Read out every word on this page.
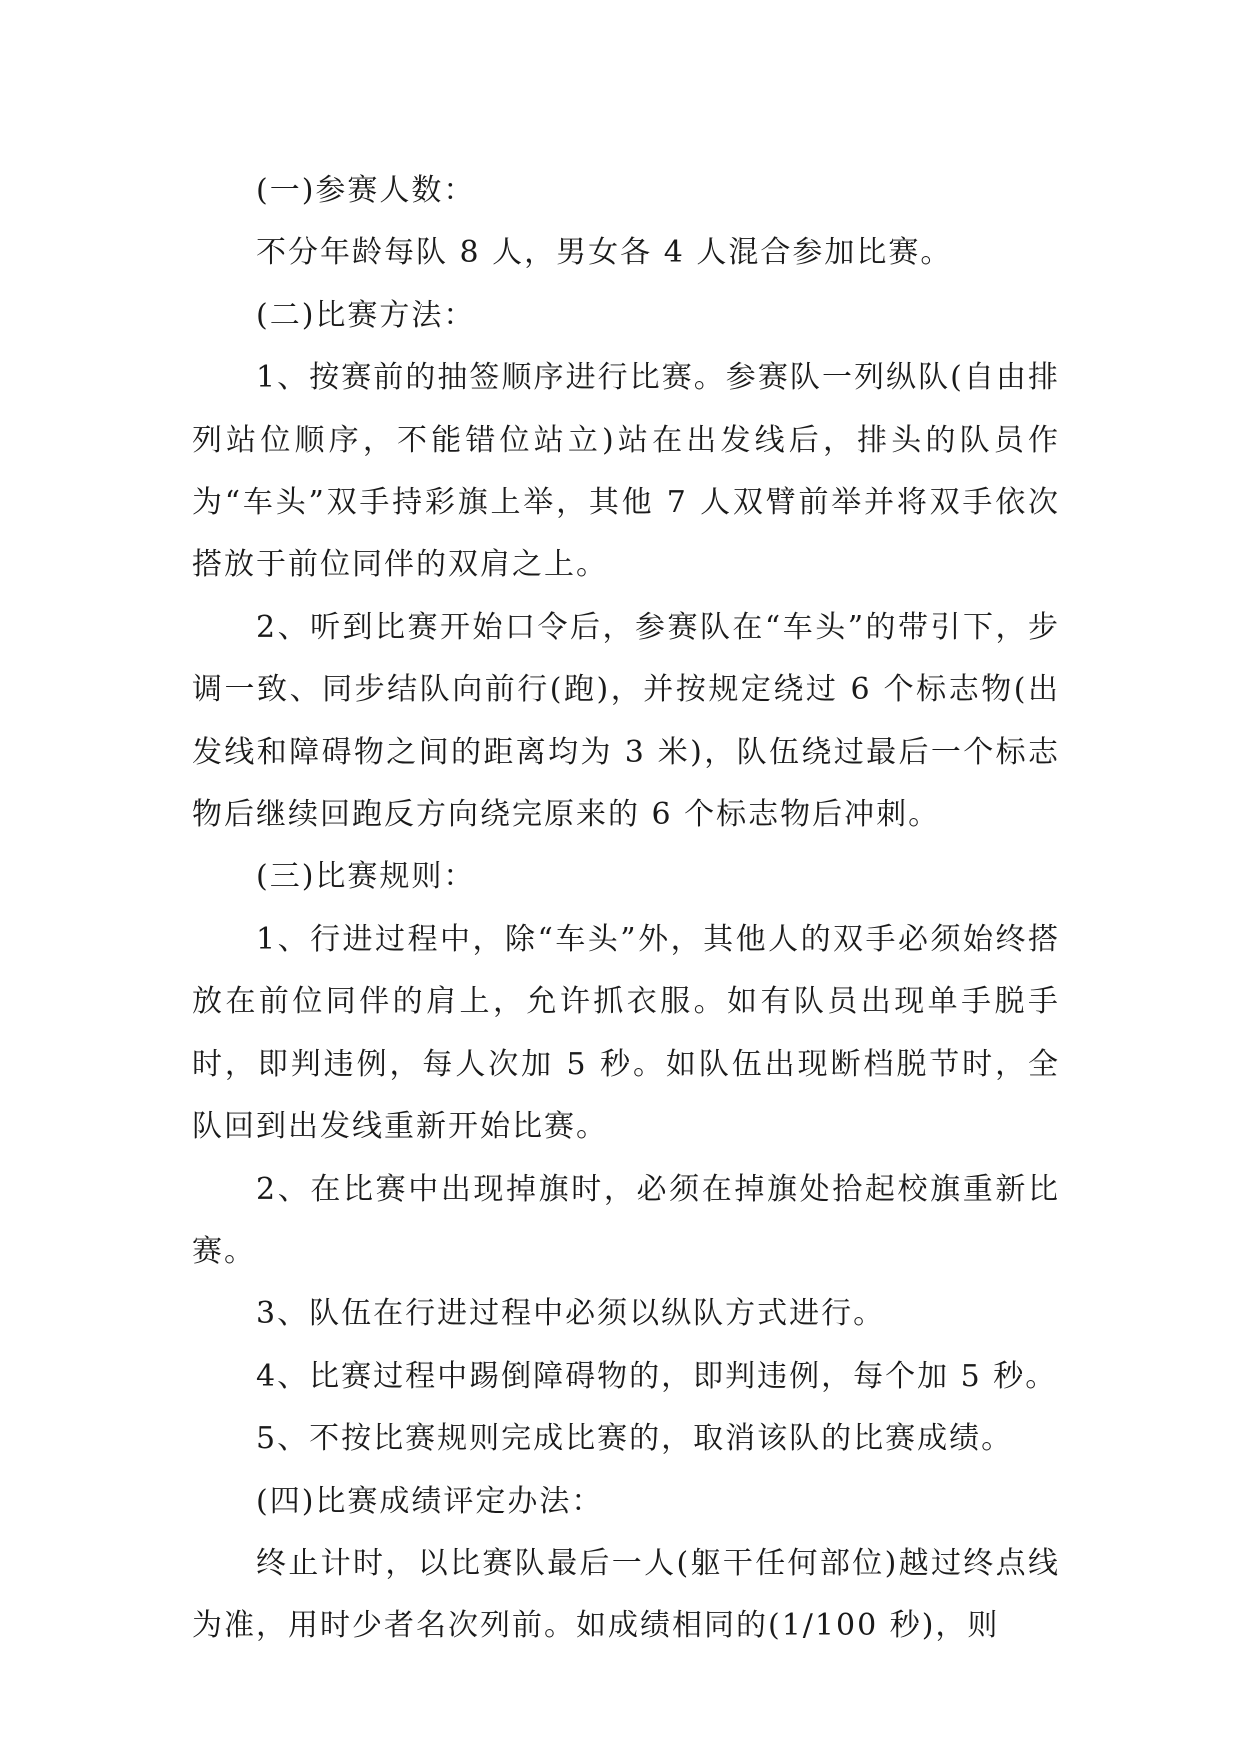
(一)参赛人数：

不分年龄每队 8 人，男女各 4 人混合参加比赛。

(二)比赛方法：

1、按赛前的抽签顺序进行比赛。参赛队一列纵队(自由排列站位顺序，不能错位站立)站在出发线后，排头的队员作为“车头”双手持彩旗上举，其他 7 人双臂前举并将双手依次搭放于前位同伴的双肩之上。

2、听到比赛开始口令后，参赛队在“车头”的带引下，步调一致、同步结队向前行(跑)，并按规定绕过 6 个标志物(出发线和障碍物之间的距离均为 3 米)，队伍绕过最后一个标志物后继续回跑反方向绕完原来的 6 个标志物后冲刺。

(三)比赛规则：

1、行进过程中，除“车头”外，其他人的双手必须始终搭放在前位同伴的肩上，允许抓衣服。如有队员出现单手脱手时，即判违例，每人次加 5 秒。如队伍出现断档脱节时，全队回到出发线重新开始比赛。

2、在比赛中出现掉旗时，必须在掉旗处拾起校旗重新比赛。

3、队伍在行进过程中必须以纵队方式进行。

4、比赛过程中踢倒障碍物的，即判违例，每个加 5 秒。

5、不按比赛规则完成比赛的，取消该队的比赛成绩。

(四)比赛成绩评定办法：

终止计时，以比赛队最后一人(躯干任何部位)越过终点线为准，用时少者名次列前。如成绩相同的(1/100 秒)，则
